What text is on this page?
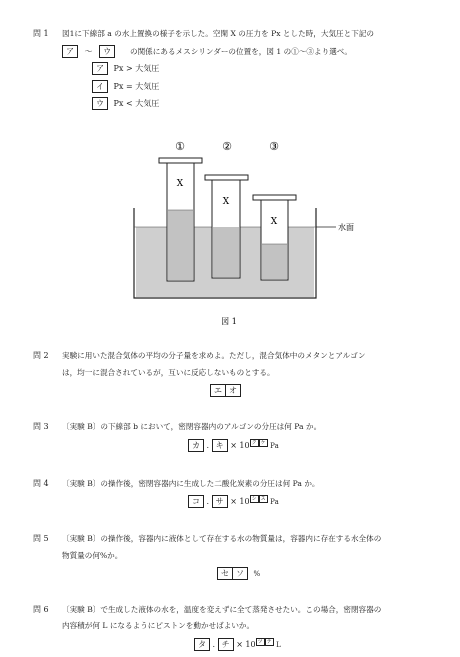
問 1 図1に下線部 a の水上置換の様子を示した。空閑 X の圧力を Px とした時，大気圧と下記の
ア ～ ウ	の関係にあるメスシリンダーの位置を，図 1 の①～③より選べ。
ア Px > 大気圧
イ Px = 大気圧
ウ Px < 大気圧
①	②	③
X
X
X
水面
図 1
問 2 実験に用いた混合気体の平均の分子量を求めよ。ただし，混合気体中のメタンとアルゴン
は，均一に混合されているが，互いに反応しないものとする。
エ オ
問 3 〔実験 B〕の下線部 b において，密閉容器内のアルゴンの分圧は何 Pa か。
カ . キ × 10 ク ケ Pa
問 4 〔実験 B〕の操作後，密閉容器内に生成した二酸化炭素の分圧は何 Pa か。
コ . サ × 10 シ ス Pa
問 5 〔実験 B〕の操作後，容器内に液体として存在する水の物質量は，容器内に存在する水全体の
物質量の何%か。
セ ソ %
問 6 〔実験 B〕で生成した液体の水を，温度を変えずに全て蒸発させたい。この場合，密閉容器の
内容積が何 L になるようにピストンを動かせばよいか。
タ . チ × 10 ツ テ L
